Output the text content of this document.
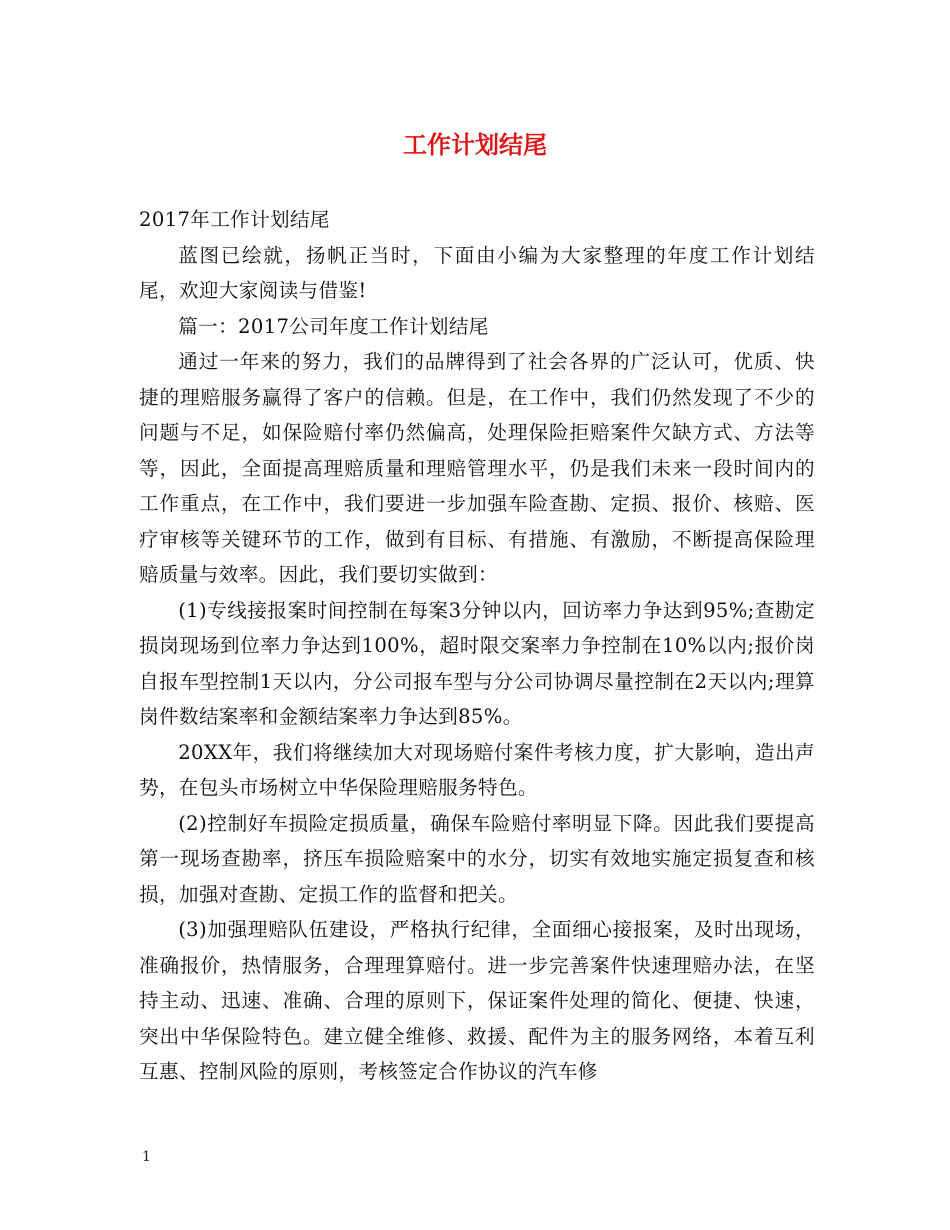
工作计划结尾

2017年工作计划结尾

蓝图已绘就，扬帆正当时，下面由小编为大家整理的年度工作计划结尾，欢迎大家阅读与借鉴!

篇一：2017公司年度工作计划结尾

通过一年来的努力，我们的品牌得到了社会各界的广泛认可，优质、快捷的理赔服务赢得了客户的信赖。但是，在工作中，我们仍然发现了不少的问题与不足，如保险赔付率仍然偏高，处理保险拒赔案件欠缺方式、方法等等，因此，全面提高理赔质量和理赔管理水平，仍是我们未来一段时间内的工作重点，在工作中，我们要进一步加强车险查勘、定损、报价、核赔、医疗审核等关键环节的工作，做到有目标、有措施、有激励，不断提高保险理赔质量与效率。因此，我们要切实做到：

(1)专线接报案时间控制在每案3分钟以内，回访率力争达到95%;查勘定损岗现场到位率力争达到100%，超时限交案率力争控制在10%以内;报价岗自报车型控制1天以内，分公司报车型与分公司协调尽量控制在2天以内;理算岗件数结案率和金额结案率力争达到85%。

20XX年，我们将继续加大对现场赔付案件考核力度，扩大影响，造出声势，在包头市场树立中华保险理赔服务特色。

(2)控制好车损险定损质量，确保车险赔付率明显下降。因此我们要提高第一现场查勘率，挤压车损险赔案中的水分，切实有效地实施定损复查和核损，加强对查勘、定损工作的监督和把关。

(3)加强理赔队伍建设，严格执行纪律，全面细心接报案，及时出现场，准确报价，热情服务，合理理算赔付。进一步完善案件快速理赔办法，在坚持主动、迅速、准确、合理的原则下，保证案件处理的简化、便捷、快速，突出中华保险特色。建立健全维修、救援、配件为主的服务网络，本着互利互惠、控制风险的原则，考核签定合作协议的汽车修

1
